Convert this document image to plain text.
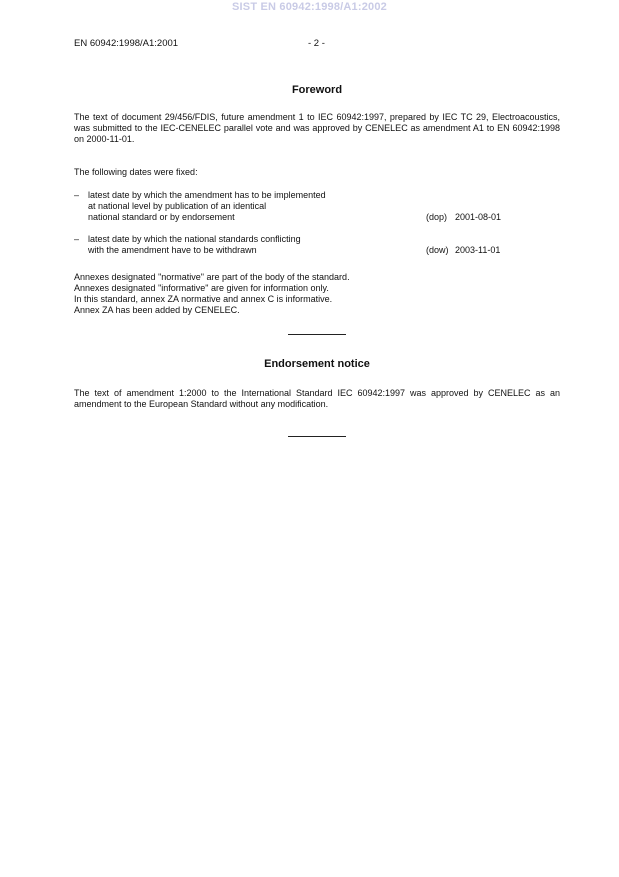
SIST EN 60942:1998/A1:2002
EN 60942:1998/A1:2001	- 2 -
Foreword

The text of document 29/456/FDIS, future amendment 1 to IEC 60942:1997, prepared by IEC TC 29, Electroacoustics, was submitted to the IEC-CENELEC parallel vote and was approved by CENELEC as amendment A1 to EN 60942:1998 on 2000-11-01.

The following dates were fixed:

– latest date by which the amendment has to be implemented
at national level by publication of an identical
national standard or by endorsement	(dop) 2001-08-01
– latest date by which the national standards conflicting
with the amendment have to be withdrawn	(dow) 2003-11-01
Annexes designated "normative" are part of the body of the standard.
Annexes designated "informative" are given for information only.
In this standard, annex ZA normative and annex C is informative.
Annex ZA has been added by CENELEC.
Endorsement notice

The text of amendment 1:2000 to the International Standard IEC 60942:1997 was approved by CENELEC as an amendment to the European Standard without any modification.
